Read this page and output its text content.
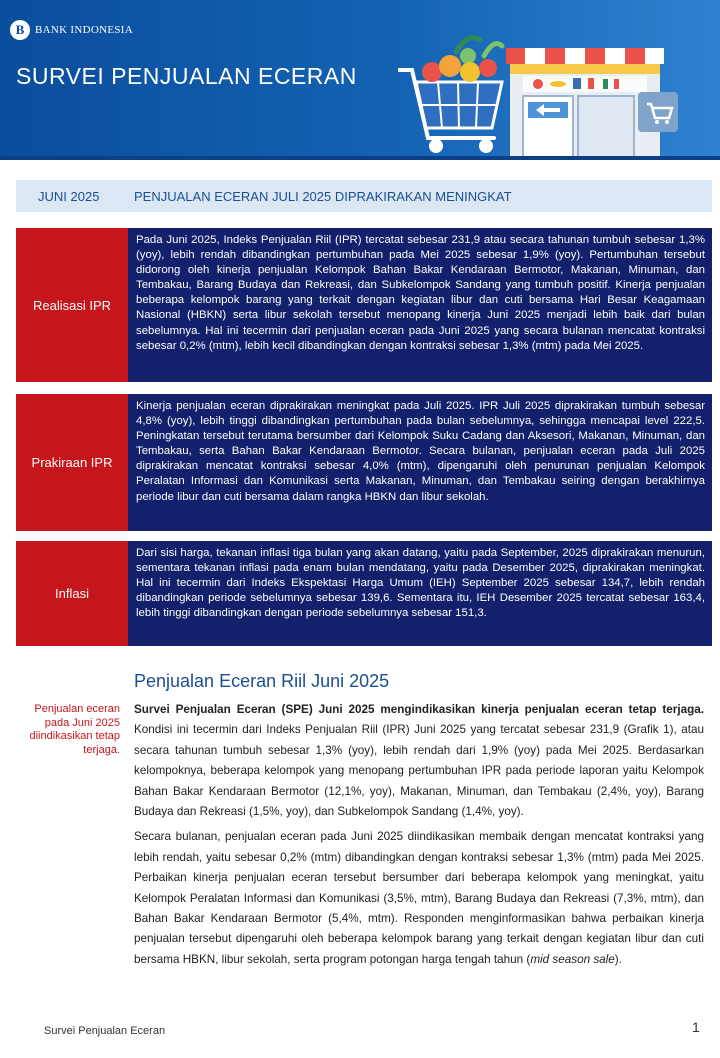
B BANK INDONESIA
SURVEI PENJUALAN ECERAN
JUNI 2025	PENJUALAN ECERAN JULI 2025 DIPRAKIRAKAN MENINGKAT
Realisasi IPR
Pada Juni 2025, Indeks Penjualan Riil (IPR) tercatat sebesar 231,9 atau secara tahunan tumbuh sebesar 1,3% (yoy), lebih rendah dibandingkan pertumbuhan pada Mei 2025 sebesar 1,9% (yoy). Pertumbuhan tersebut didorong oleh kinerja penjualan Kelompok Bahan Bakar Kendaraan Bermotor, Makanan, Minuman, dan Tembakau, Barang Budaya dan Rekreasi, dan Subkelompok Sandang yang tumbuh positif. Kinerja penjualan beberapa kelompok barang yang terkait dengan kegiatan libur dan cuti bersama Hari Besar Keagamaan Nasional (HBKN) serta libur sekolah tersebut menopang kinerja Juni 2025 menjadi lebih baik dari bulan sebelumnya. Hal ini tecermin dari penjualan eceran pada Juni 2025 yang secara bulanan mencatat kontraksi sebesar 0,2% (mtm), lebih kecil dibandingkan dengan kontraksi sebesar 1,3% (mtm) pada Mei 2025.
Prakiraan IPR
Kinerja penjualan eceran diprakirakan meningkat pada Juli 2025. IPR Juli 2025 diprakirakan tumbuh sebesar 4,8% (yoy), lebih tinggi dibandingkan pertumbuhan pada bulan sebelumnya, sehingga mencapai level 222,5. Peningkatan tersebut terutama bersumber dari Kelompok Suku Cadang dan Aksesori, Makanan, Minuman, dan Tembakau, serta Bahan Bakar Kendaraan Bermotor. Secara bulanan, penjualan eceran pada Juli 2025 diprakirakan mencatat kontraksi sebesar 4,0% (mtm), dipengaruhi oleh penurunan penjualan Kelompok Peralatan Informasi dan Komunikasi serta Makanan, Minuman, dan Tembakau seiring dengan berakhirnya periode libur dan cuti bersama dalam rangka HBKN dan libur sekolah.
Inflasi
Dari sisi harga, tekanan inflasi tiga bulan yang akan datang, yaitu pada September, 2025 diprakirakan menurun, sementara tekanan inflasi pada enam bulan mendatang, yaitu pada Desember 2025, diprakirakan meningkat. Hal ini tecermin dari Indeks Ekspektasi Harga Umum (IEH) September 2025 sebesar 134,7, lebih rendah dibandingkan periode sebelumnya sebesar 139,6. Sementara itu, IEH Desember 2025 tercatat sebesar 163,4, lebih tinggi dibandingkan dengan periode sebelumnya sebesar 151,3.
Penjualan Eceran Riil Juni 2025
Penjualan eceran pada Juni 2025 diindikasikan tetap terjaga.

Survei Penjualan Eceran (SPE) Juni 2025 mengindikasikan kinerja penjualan eceran tetap terjaga. Kondisi ini tecermin dari Indeks Penjualan Riil (IPR) Juni 2025 yang tercatat sebesar 231,9 (Grafik 1), atau secara tahunan tumbuh sebesar 1,3% (yoy), lebih rendah dari 1,9% (yoy) pada Mei 2025. Berdasarkan kelompoknya, beberapa kelompok yang menopang pertumbuhan IPR pada periode laporan yaitu Kelompok Bahan Bakar Kendaraan Bermotor (12,1%, yoy), Makanan, Minuman, dan Tembakau (2,4%, yoy), Barang Budaya dan Rekreasi (1,5%, yoy), dan Subkelompok Sandang (1,4%, yoy).

Secara bulanan, penjualan eceran pada Juni 2025 diindikasikan membaik dengan mencatat kontraksi yang lebih rendah, yaitu sebesar 0,2% (mtm) dibandingkan dengan kontraksi sebesar 1,3% (mtm) pada Mei 2025. Perbaikan kinerja penjualan eceran tersebut bersumber dari beberapa kelompok yang meningkat, yaitu Kelompok Peralatan Informasi dan Komunikasi (3,5%, mtm), Barang Budaya dan Rekreasi (7,3%, mtm), dan Bahan Bakar Kendaraan Bermotor (5,4%, mtm). Responden menginformasikan bahwa perbaikan kinerja penjualan tersebut dipengaruhi oleh beberapa kelompok barang yang terkait dengan kegiatan libur dan cuti bersama HBKN, libur sekolah, serta program potongan harga tengah tahun (mid season sale).

Survei Penjualan Eceran	1
